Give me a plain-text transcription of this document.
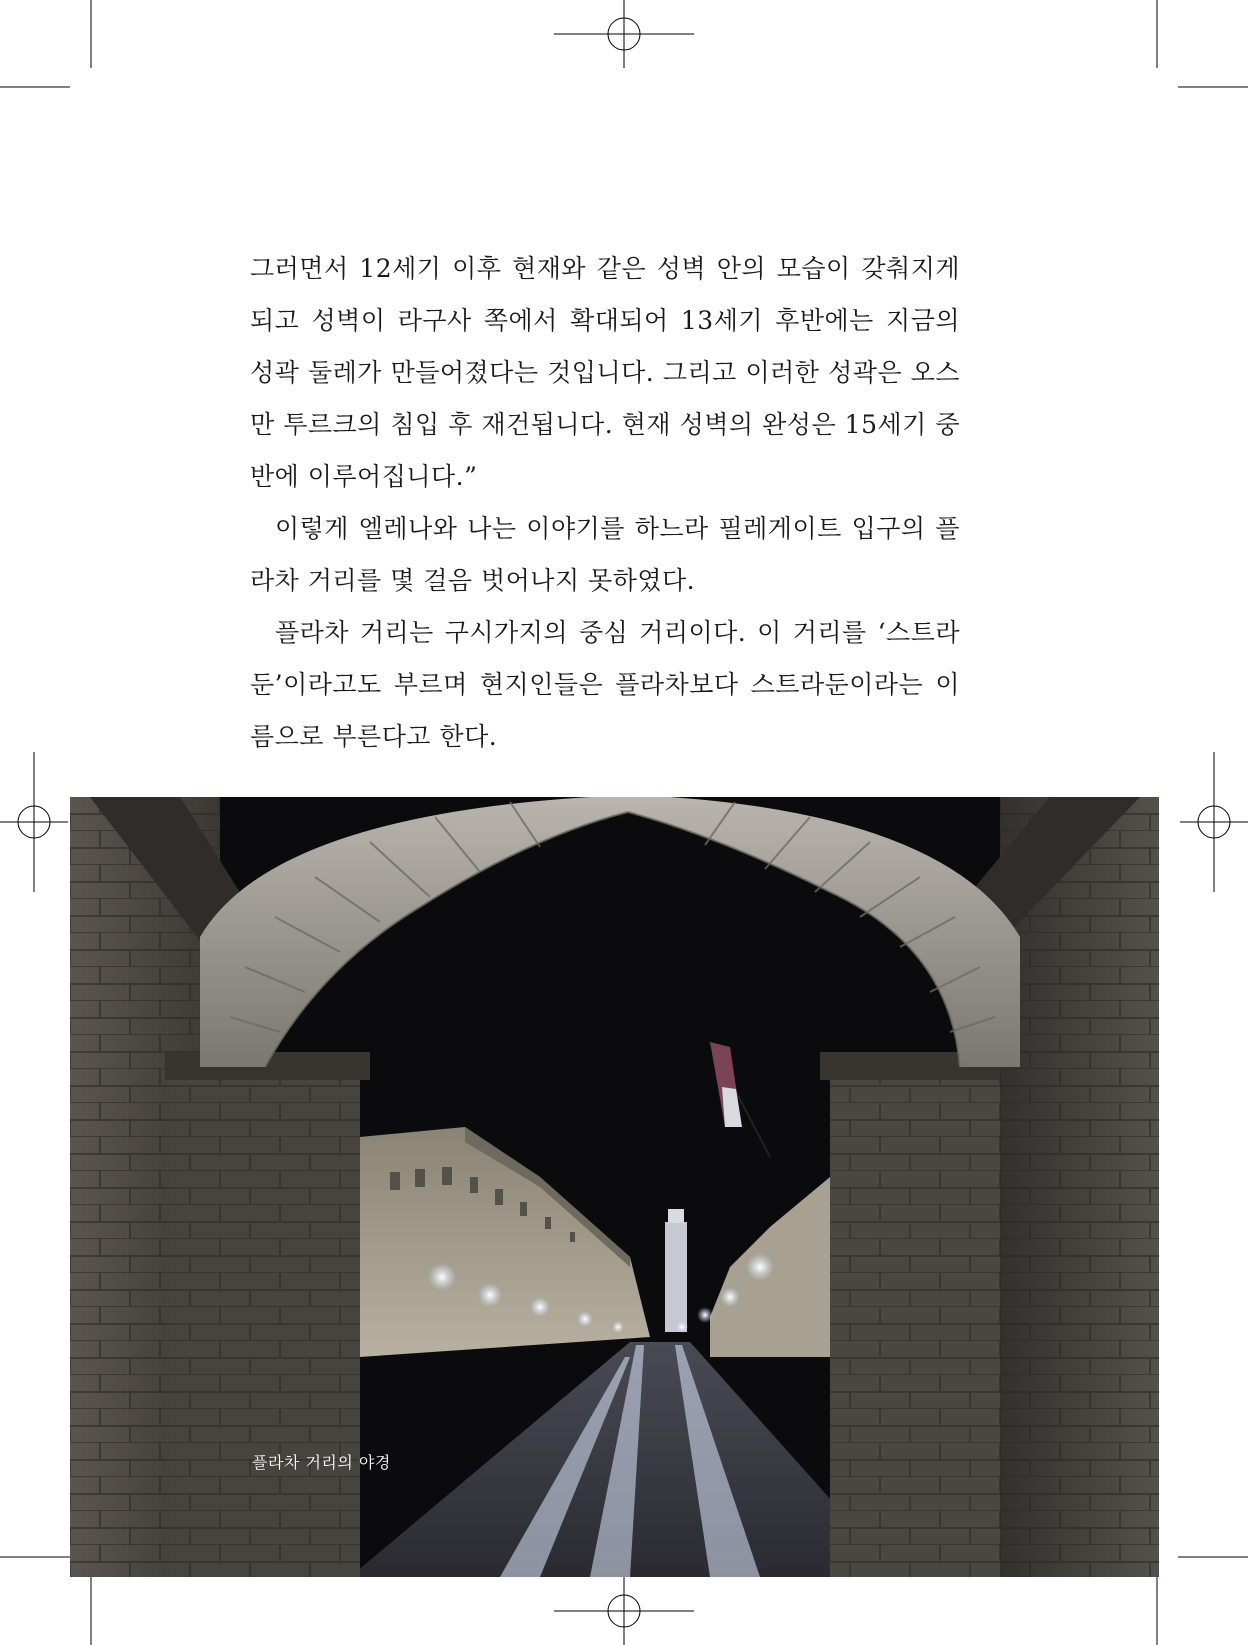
그러면서 12세기 이후 현재와 같은 성벽 안의 모습이 갖춰지게 되고 성벽이 라구사 쪽에서 확대되어 13세기 후반에는 지금의 성곽 둘레가 만들어졌다는 것입니다. 그리고 이러한 성곽은 오스만 투르크의 침입 후 재건됩니다. 현재 성벽의 완성은 15세기 중반에 이루어집니다.”

이렇게 엘레나와 나는 이야기를 하느라 필레게이트 입구의 플라차 거리를 몇 걸음 벗어나지 못하였다.

플라차 거리는 구시가지의 중심 거리이다. 이 거리를 ‘스트라둔’이라고도 부르며 현지인들은 플라차보다 스트라둔이라는 이름으로 부른다고 한다.

플라차 거리의 야경
